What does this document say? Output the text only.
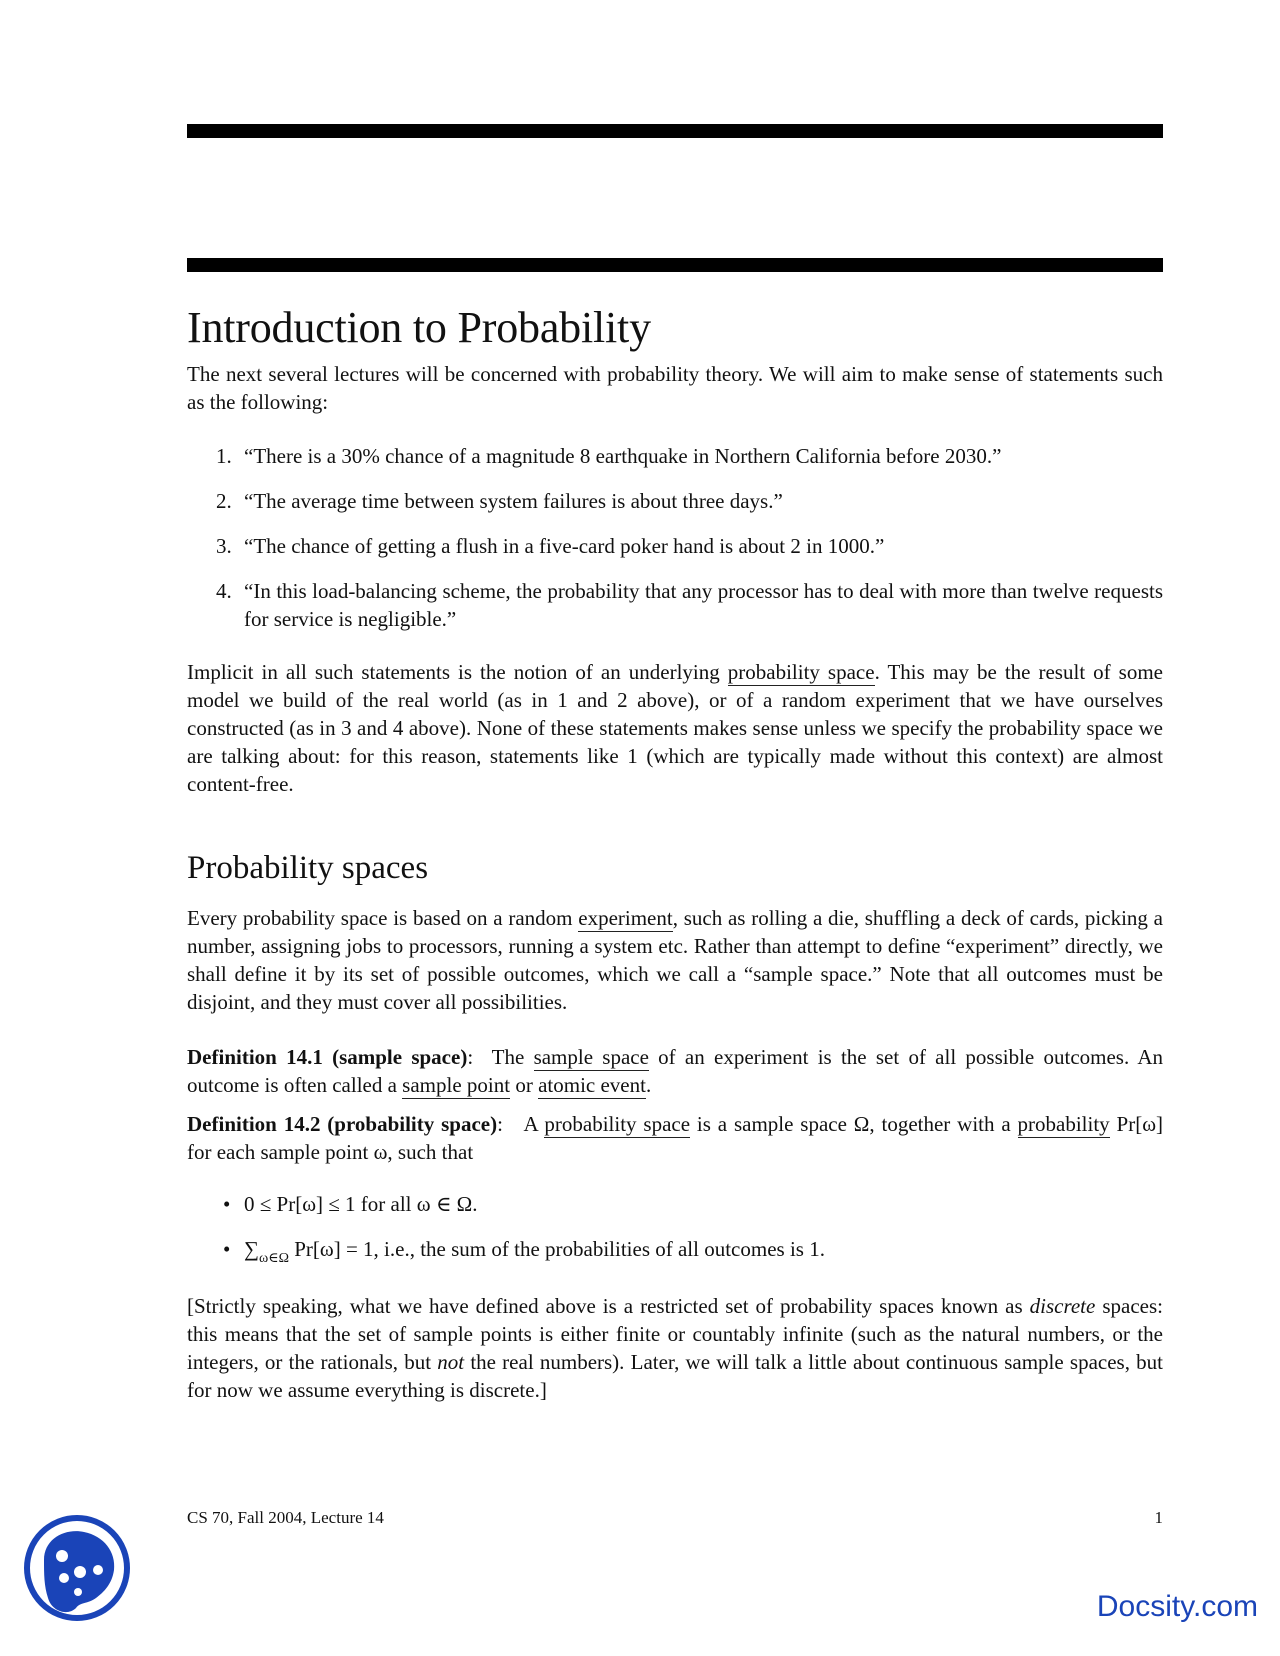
Introduction to Probability

The next several lectures will be concerned with probability theory. We will aim to make sense of statements such as the following:

1. “There is a 30% chance of a magnitude 8 earthquake in Northern California before 2030.”
2. “The average time between system failures is about three days.”
3. “The chance of getting a flush in a five-card poker hand is about 2 in 1000.”
4. “In this load-balancing scheme, the probability that any processor has to deal with more than twelve requests for service is negligible.”

Implicit in all such statements is the notion of an underlying probability space. This may be the result of some model we build of the real world (as in 1 and 2 above), or of a random experiment that we have ourselves constructed (as in 3 and 4 above). None of these statements makes sense unless we specify the probability space we are talking about: for this reason, statements like 1 (which are typically made without this context) are almost content-free.

Probability spaces

Every probability space is based on a random experiment, such as rolling a die, shuffling a deck of cards, picking a number, assigning jobs to processors, running a system etc. Rather than attempt to define “experiment” directly, we shall define it by its set of possible outcomes, which we call a “sample space.” Note that all outcomes must be disjoint, and they must cover all possibilities.

Definition 14.1 (sample space): The sample space of an experiment is the set of all possible outcomes. An outcome is often called a sample point or atomic event.

Definition 14.2 (probability space): A probability space is a sample space Ω, together with a probability Pr[ω] for each sample point ω, such that

• 0 ≤ Pr[ω] ≤ 1 for all ω ∈ Ω.
• $\sum_{\omega\in\Omega}$ Pr[ω] = 1, i.e., the sum of the probabilities of all outcomes is 1.

[Strictly speaking, what we have defined above is a restricted set of probability spaces known as discrete spaces: this means that the set of sample points is either finite or countably infinite (such as the natural numbers, or the integers, or the rationals, but not the real numbers). Later, we will talk a little about continuous sample spaces, but for now we assume everything is discrete.]

CS 70, Fall 2004, Lecture 14	1
Docsity.com
